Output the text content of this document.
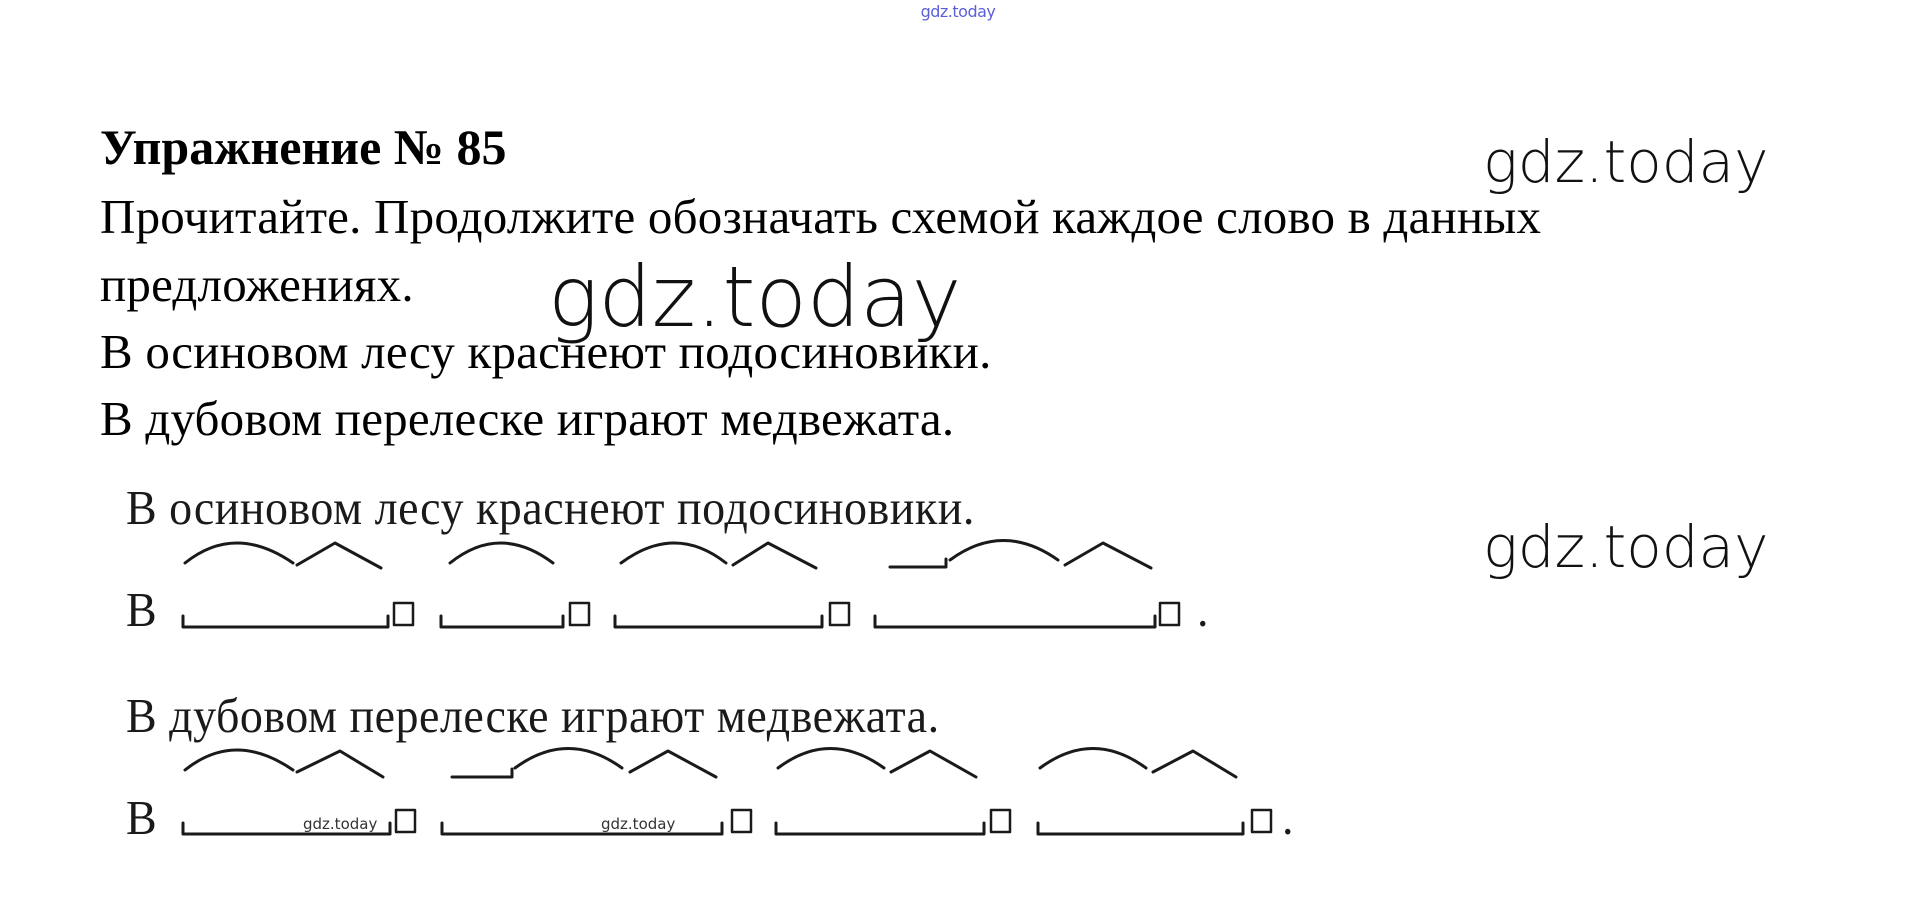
gdz.today
gdz.today
gdz.today
gdz.today
Упражнение № 85
Прочитайте. Продолжите обозначать схемой каждое слово в данных
предложениях.
В осиновом лесу краснеют подосиновики.
В дубовом перелеске играют медвежата.
В осиновом лесу краснеют подосиновики.
В	.
В дубовом перелеске играют медвежата.
В	.
gdz.today	gdz.today
